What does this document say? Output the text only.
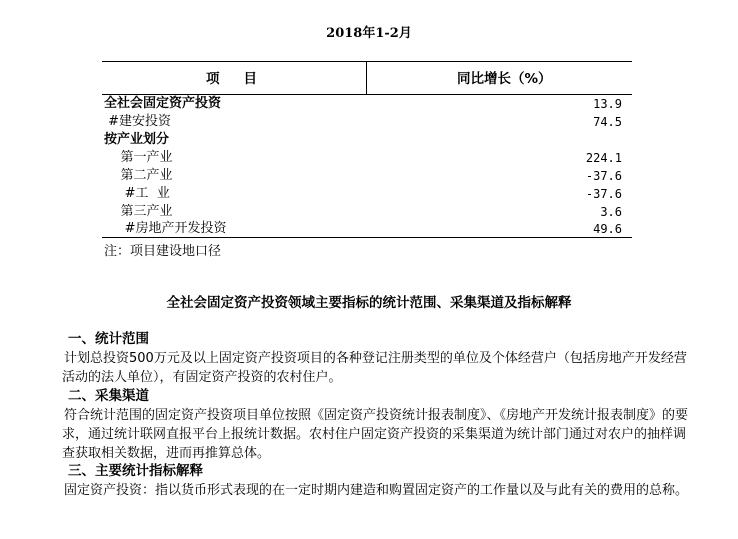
2018年1-2月
项目	同比增长（%）
全社会固定资产投资	13.9
#建安投资	74.5
按产业划分
第一产业	224.1
第二产业	-37.6
#工  业	-37.6
第三产业	3.6
#房地产开发投资	49.6
注：项目建设地口径
全社会固定资产投资领域主要指标的统计范围、采集渠道及指标解释
一、统计范围
计划总投资500万元及以上固定资产投资项目的各种登记注册类型的单位及个体经营户（包括房地产开发经营活动的法人单位），有固定资产投资的农村住户。
二、采集渠道
符合统计范围的固定资产投资项目单位按照《固定资产投资统计报表制度》、《房地产开发统计报表制度》的要求，通过统计联网直报平台上报统计数据。农村住户固定资产投资的采集渠道为统计部门通过对农户的抽样调查获取相关数据，进而再推算总体。
三、主要统计指标解释
固定资产投资：指以货币形式表现的在一定时期内建造和购置固定资产的工作量以及与此有关的费用的总称。
